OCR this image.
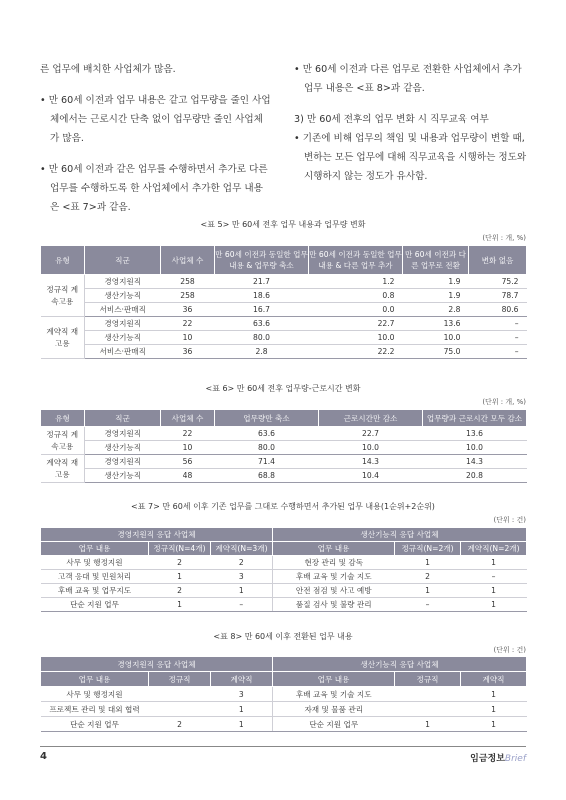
른 업무에 배치한 사업체가 많음.

• 만 60세 이전과 업무 내용은 같고 업무량을 줄인 사업체에서는 근로시간 단축 없이 업무량만 줄인 사업체가 많음.

• 만 60세 이전과 같은 업무를 수행하면서 추가로 다른 업무를 수행하도록 한 사업체에서 추가한 업무 내용은 <표 7>과 같음.

• 만 60세 이전과 다른 업무로 전환한 사업체에서 추가 업무 내용은 <표 8>과 같음.

3) 만 60세 전후의 업무 변화 시 직무교육 여부

• 기존에 비해 업무의 책임 및 내용과 업무량이 변할 때, 변하는 모든 업무에 대해 직무교육을 시행하는 정도와 시행하지 않는 정도가 유사함.

<표 5> 만 60세 전후 업무 내용과 업무량 변화
(단위 : 개, %)
유형	직군	사업체 수	만 60세 이전과 동일한 업무 내용 & 업무량 축소	만 60세 이전과 동일한 업무 내용 & 다른 업무 추가	만 60세 이전과 다른 업무로 전환	변화 없음
정규직 계속고용	경영지원직	258	21.7	1.2	1.9	75.2
	생산기능직	258	18.6	0.8	1.9	78.7
	서비스·판매직	36	16.7	0.0	2.8	80.6
계약직 재고용	경영지원직	22	63.6	22.7	13.6	–
	생산기능직	10	80.0	10.0	10.0	–
	서비스·판매직	36	2.8	22.2	75.0	–
<표 6> 만 60세 전후 업무량-근로시간 변화
(단위 : 개, %)
유형	직군	사업체 수	업무량만 축소	근로시간만 감소	업무량과 근로시간 모두 감소
정규직 계속고용	경영지원직	22	63.6	22.7	13.6
	생산기능직	10	80.0	10.0	10.0
계약직 재고용	경영지원직	56	71.4	14.3	14.3
	생산기능직	48	68.8	10.4	20.8
<표 7> 만 60세 이후 기존 업무를 그대로 수행하면서 추가된 업무 내용(1순위+2순위)
(단위 : 건)
경영지원직 응답 사업체			생산기능직 응답 사업체		
업무 내용	정규직(N=4개)	계약직(N=3개)	업무 내용	정규직(N=2개)	계약직(N=2개)
사무 및 행정지원	2	2	현장 관리 및 감독	1	1
고객 응대 및 민원처리	1	3	후배 교육 및 기술 지도	2	–
후배 교육 및 업무지도	2	1	안전 점검 및 사고 예방	1	1
단순 지원 업무	1	–	품질 검사 및 불량 관리	–	1
<표 8> 만 60세 이후 전환된 업무 내용
(단위 : 건)
경영지원직 응답 사업체			생산기능직 응답 사업체		
업무 내용	정규직	계약직	업무 내용	정규직	계약직
사무 및 행정지원		3	후배 교육 및 기술 지도		1
프로젝트 관리 및 대외 협력		1	자재 및 물품 관리		1
단순 지원 업무	2	1	단순 지원 업무	1	1
4	임금정보Brief
